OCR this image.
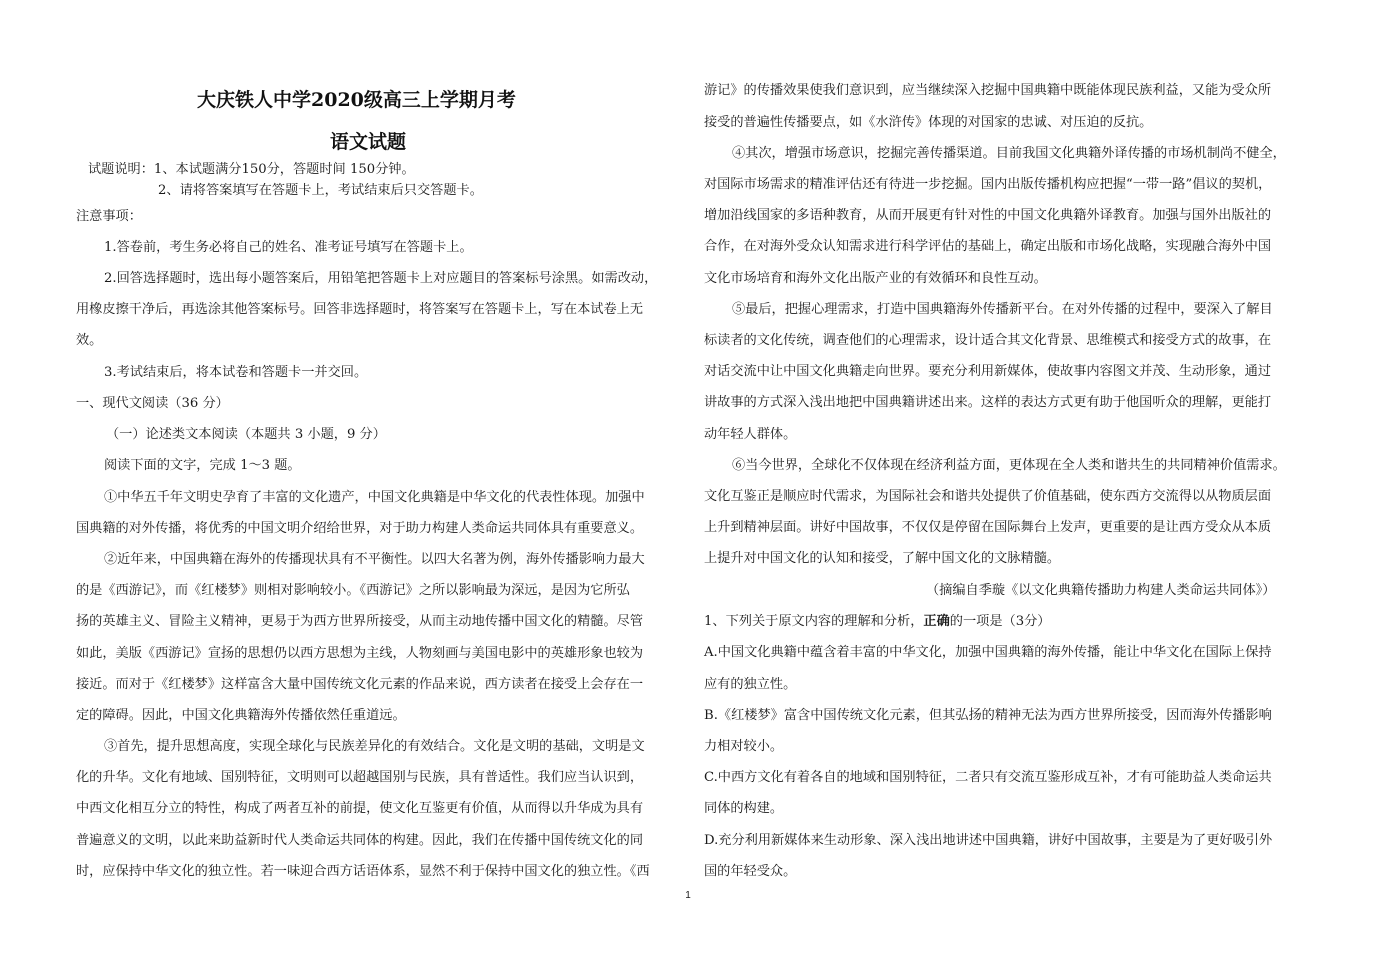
大庆铁人中学2020级高三上学期月考
语文试题
试题说明：1、本试题满分150分，答题时间 150分钟。
2、请将答案填写在答题卡上，考试结束后只交答题卡。
注意事项：
1.答卷前，考生务必将自己的姓名、准考证号填写在答题卡上。
2.回答选择题时，选出每小题答案后，用铅笔把答题卡上对应题目的答案标号涂黑。如需改动，
用橡皮擦干净后，再选涂其他答案标号。回答非选择题时，将答案写在答题卡上，写在本试卷上无
效。
3.考试结束后，将本试卷和答题卡一并交回。
一、现代文阅读（36 分）
（一）论述类文本阅读（本题共 3 小题，9 分）
阅读下面的文字，完成 1～3 题。
①中华五千年文明史孕育了丰富的文化遗产，中国文化典籍是中华文化的代表性体现。加强中
国典籍的对外传播，将优秀的中国文明介绍给世界，对于助力构建人类命运共同体具有重要意义。
②近年来，中国典籍在海外的传播现状具有不平衡性。以四大名著为例，海外传播影响力最大
的是《西游记》，而《红楼梦》则相对影响较小。《西游记》之所以影响最为深远，是因为它所弘
扬的英雄主义、冒险主义精神，更易于为西方世界所接受，从而主动地传播中国文化的精髓。尽管
如此，美版《西游记》宣扬的思想仍以西方思想为主线，人物刻画与美国电影中的英雄形象也较为
接近。而对于《红楼梦》这样富含大量中国传统文化元素的作品来说，西方读者在接受上会存在一
定的障碍。因此，中国文化典籍海外传播依然任重道远。
③首先，提升思想高度，实现全球化与民族差异化的有效结合。文化是文明的基础，文明是文
化的升华。文化有地域、国别特征，文明则可以超越国别与民族，具有普适性。我们应当认识到，
中西文化相互分立的特性，构成了两者互补的前提，使文化互鉴更有价值，从而得以升华成为具有
普遍意义的文明，以此来助益新时代人类命运共同体的构建。因此，我们在传播中国传统文化的同
时，应保持中华文化的独立性。若一味迎合西方话语体系，显然不利于保持中国文化的独立性。《西
游记》的传播效果使我们意识到，应当继续深入挖掘中国典籍中既能体现民族利益，又能为受众所
接受的普遍性传播要点，如《水浒传》体现的对国家的忠诚、对压迫的反抗。
④其次，增强市场意识，挖掘完善传播渠道。目前我国文化典籍外译传播的市场机制尚不健全，
对国际市场需求的精准评估还有待进一步挖掘。国内出版传播机构应把握“一带一路”倡议的契机，
增加沿线国家的多语种教育，从而开展更有针对性的中国文化典籍外译教育。加强与国外出版社的
合作，在对海外受众认知需求进行科学评估的基础上，确定出版和市场化战略，实现融合海外中国
文化市场培育和海外文化出版产业的有效循环和良性互动。
⑤最后，把握心理需求，打造中国典籍海外传播新平台。在对外传播的过程中，要深入了解目
标读者的文化传统，调查他们的心理需求，设计适合其文化背景、思维模式和接受方式的故事，在
对话交流中让中国文化典籍走向世界。要充分利用新媒体，使故事内容图文并茂、生动形象，通过
讲故事的方式深入浅出地把中国典籍讲述出来。这样的表达方式更有助于他国听众的理解，更能打
动年轻人群体。
⑥当今世界，全球化不仅体现在经济利益方面，更体现在全人类和谐共生的共同精神价值需求。
文化互鉴正是顺应时代需求，为国际社会和谐共处提供了价值基础，使东西方交流得以从物质层面
上升到精神层面。讲好中国故事，不仅仅是停留在国际舞台上发声，更重要的是让西方受众从本质
上提升对中国文化的认知和接受，了解中国文化的文脉精髓。
（摘编自季璇《以文化典籍传播助力构建人类命运共同体》）
1、下列关于原文内容的理解和分析，正确的一项是（3分）
A.中国文化典籍中蕴含着丰富的中华文化，加强中国典籍的海外传播，能让中华文化在国际上保持
应有的独立性。
B.《红楼梦》富含中国传统文化元素，但其弘扬的精神无法为西方世界所接受，因而海外传播影响
力相对较小。
C.中西方文化有着各自的地域和国别特征，二者只有交流互鉴形成互补，才有可能助益人类命运共
同体的构建。
D.充分利用新媒体来生动形象、深入浅出地讲述中国典籍，讲好中国故事，主要是为了更好吸引外
国的年轻受众。
1
